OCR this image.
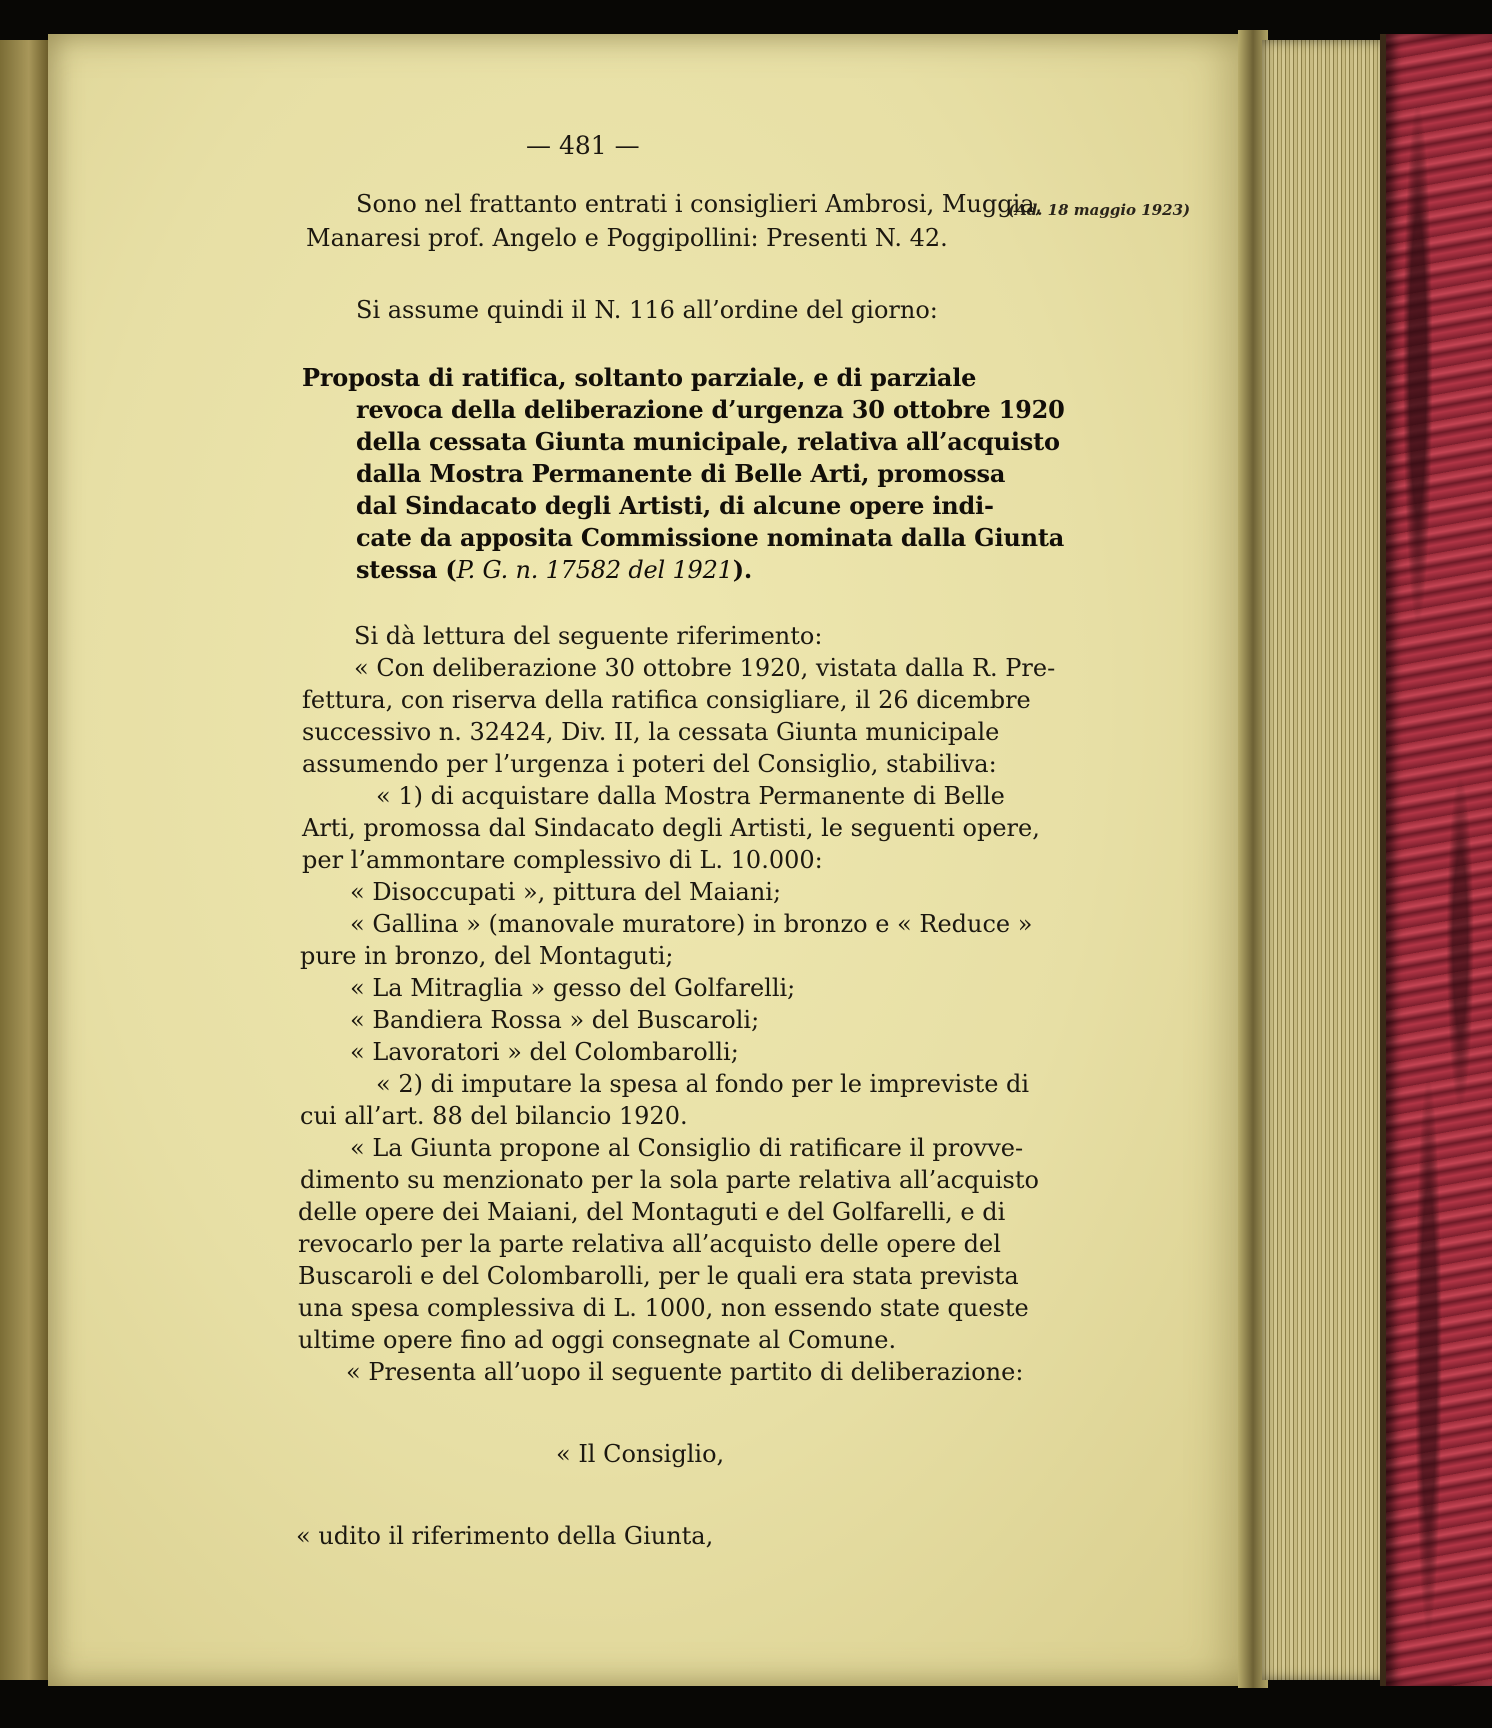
— 481 —
(Ad. 18 maggio 1923)
Sono nel frattanto entrati i consiglieri Ambrosi, Muggia,
Manaresi prof. Angelo e Poggipollini: Presenti N. 42.
Si assume quindi il N. 116 all’ordine del giorno:
Proposta di ratifica, soltanto parziale, e di parziale
revoca della deliberazione d’urgenza 30 ottobre 1920
della cessata Giunta municipale, relativa all’acquisto
dalla Mostra Permanente di Belle Arti, promossa
dal Sindacato degli Artisti, di alcune opere indi-
cate da apposita Commissione nominata dalla Giunta
stessa (P. G. n. 17582 del 1921).
Si dà lettura del seguente riferimento:
« Con deliberazione 30 ottobre 1920, vistata dalla R. Pre-
fettura, con riserva della ratifica consigliare, il 26 dicembre
successivo n. 32424, Div. II, la cessata Giunta municipale
assumendo per l’urgenza i poteri del Consiglio, stabiliva:
« 1) di acquistare dalla Mostra Permanente di Belle
Arti, promossa dal Sindacato degli Artisti, le seguenti opere,
per l’ammontare complessivo di L. 10.000:
« Disoccupati », pittura del Maiani;
« Gallina » (manovale muratore) in bronzo e « Reduce »
pure in bronzo, del Montaguti;
« La Mitraglia » gesso del Golfarelli;
« Bandiera Rossa » del Buscaroli;
« Lavoratori » del Colombarolli;
« 2) di imputare la spesa al fondo per le impreviste di
cui all’art. 88 del bilancio 1920.
« La Giunta propone al Consiglio di ratificare il provve-
dimento su menzionato per la sola parte relativa all’acquisto
delle opere dei Maiani, del Montaguti e del Golfarelli, e di
revocarlo per la parte relativa all’acquisto delle opere del
Buscaroli e del Colombarolli, per le quali era stata prevista
una spesa complessiva di L. 1000, non essendo state queste
ultime opere fino ad oggi consegnate al Comune.
« Presenta all’uopo il seguente partito di deliberazione:
« Il Consiglio,
« udito il riferimento della Giunta,
